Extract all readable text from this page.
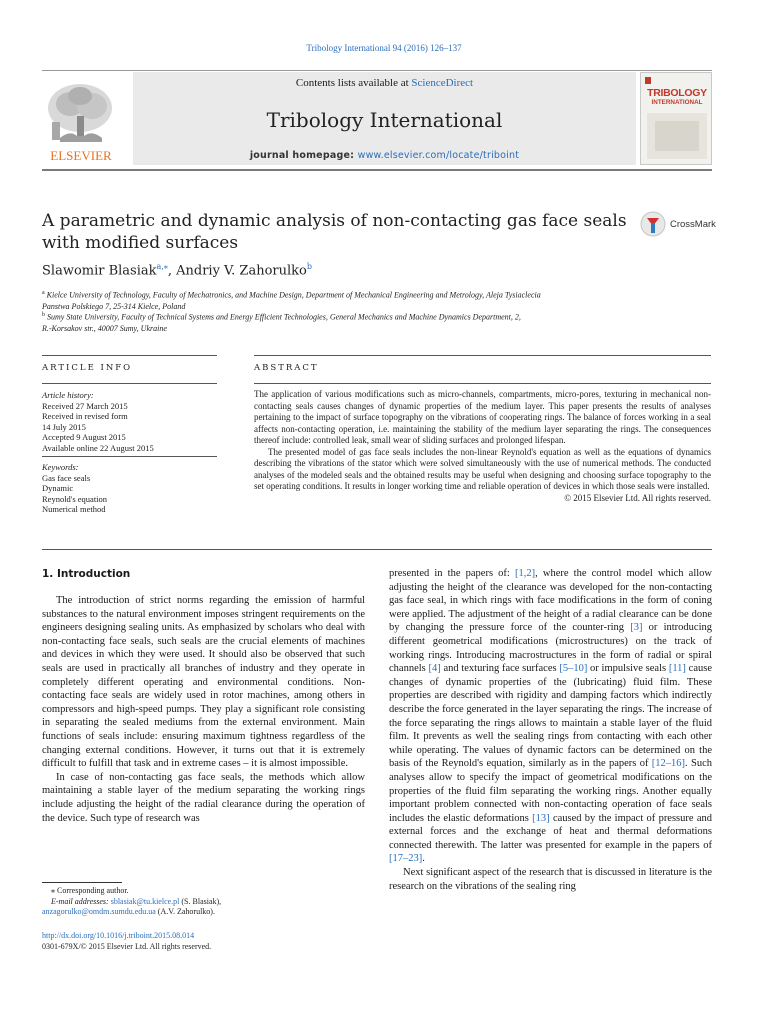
Tribology International 94 (2016) 126–137
ELSEVIER
Contents lists available at ScienceDirect
Tribology International
journal homepage: www.elsevier.com/locate/triboint
TRIBOLOGY
INTERNATIONAL
A parametric and dynamic analysis of non-contacting gas face seals with modified surfaces
CrossMark
Slawomir Blasiak$^{a,⁎}$, Andriy V. Zahorulko$^b$
$^a$ Kielce University of Technology, Faculty of Mechatronics, and Machine Design, Department of Mechanical Engineering and Metrology, Aleja Tysiaclecia
Panstwa Polskiego 7, 25-314 Kielce, Poland
$^b$ Sumy State University, Faculty of Technical Systems and Energy Efficient Technologies, General Mechanics and Machine Dynamics Department, 2,
R.-Korsakov str., 40007 Sumy, Ukraine
ARTICLE INFO
Article history:
Received 27 March 2015
Received in revised form
14 July 2015
Accepted 9 August 2015
Available online 22 August 2015
Keywords:
Gas face seals
Dynamic
Reynold's equation
Numerical method
ABSTRACT

The application of various modifications such as micro-channels, compartments, micro-pores, texturing in mechanical non-contacting seals causes changes of dynamic properties of the medium layer. This paper presents the results of analyses pertaining to the impact of surface topography on the vibrations of cooperating rings. The balance of forces working in a seal affects non-contacting operation, i.e. maintaining the stability of the medium layer separating the rings. The consequences thereof include: controlled leak, small wear of sliding surfaces and prolonged lifespan.

The presented model of gas face seals includes the non-linear Reynold's equation as well as the equations of dynamics describing the vibrations of the stator which were solved simultaneously with the use of numerical methods. The conducted analyses of the modeled seals and the obtained results may be useful when designing and choosing surface topography to the set operating conditions. It results in longer working time and reliable operation of devices in which those seals were installed.

© 2015 Elsevier Ltd. All rights reserved.

1. Introduction

The introduction of strict norms regarding the emission of harmful substances to the natural environment imposes stringent requirements on the engineers designing sealing units. As emphasized by scholars who deal with non-contacting face seals, such seals are the crucial elements of machines and devices in which they were used. It should also be observed that such seals are used in practically all branches of industry and they operate in completely different operating and environmental conditions. Non-contacting face seals are widely used in rotor machines, among others in compressors and high-speed pumps. They play a significant role consisting in separating the sealed mediums from the external environment. Main functions of seals include: ensuring maximum tightness regardless of the changing external conditions. However, it turns out that it is extremely difficult to fulfill that task and in extreme cases – it is almost impossible.

In case of non-contacting gas face seals, the methods which allow maintaining a stable layer of the medium separating the working rings include adjusting the height of the radial clearance during the operation of the device. Such type of research was

presented in the papers of: [1,2], where the control model which allow adjusting the height of the clearance was developed for the non-contacting gas face seal, in which rings with face modifications in the form of coning were applied. The adjustment of the height of a radial clearance can be done by changing the pressure force of the counter-ring [3] or introducing different geometrical modifications (microstructures) on the track of working rings. Introducing macrostructures in the form of radial or spiral channels [4] and texturing face surfaces [5–10] or impulsive seals [11] cause changes of dynamic properties of the (lubricating) fluid film. These properties are described with rigidity and damping factors which indirectly describe the force generated in the layer separating the rings. The increase of the force separating the rings allows to maintain a stable layer of the fluid film. It prevents as well the sealing rings from contacting with each other while operating. The values of dynamic factors can be determined on the basis of the Reynold's equation, similarly as in the papers of [12–16]. Such analyses allow to specify the impact of geometrical modifications on the properties of the fluid film separating the working rings. Another equally important problem connected with non-contacting operation of face seals includes the elastic deformations [13] caused by the impact of pressure and external forces and the exchange of heat and thermal deformations connected therewith. The latter was presented for example in the papers of [17–23].

Next significant aspect of the research that is discussed in literature is the research on the vibrations of the sealing ring

⁎ Corresponding author.
E-mail addresses: sblasiak@tu.kielce.pl (S. Blasiak),
anzagorulko@omdm.sumdu.edu.ua (A.V. Zahorulko).
http://dx.doi.org/10.1016/j.triboint.2015.08.014
0301-679X/© 2015 Elsevier Ltd. All rights reserved.
